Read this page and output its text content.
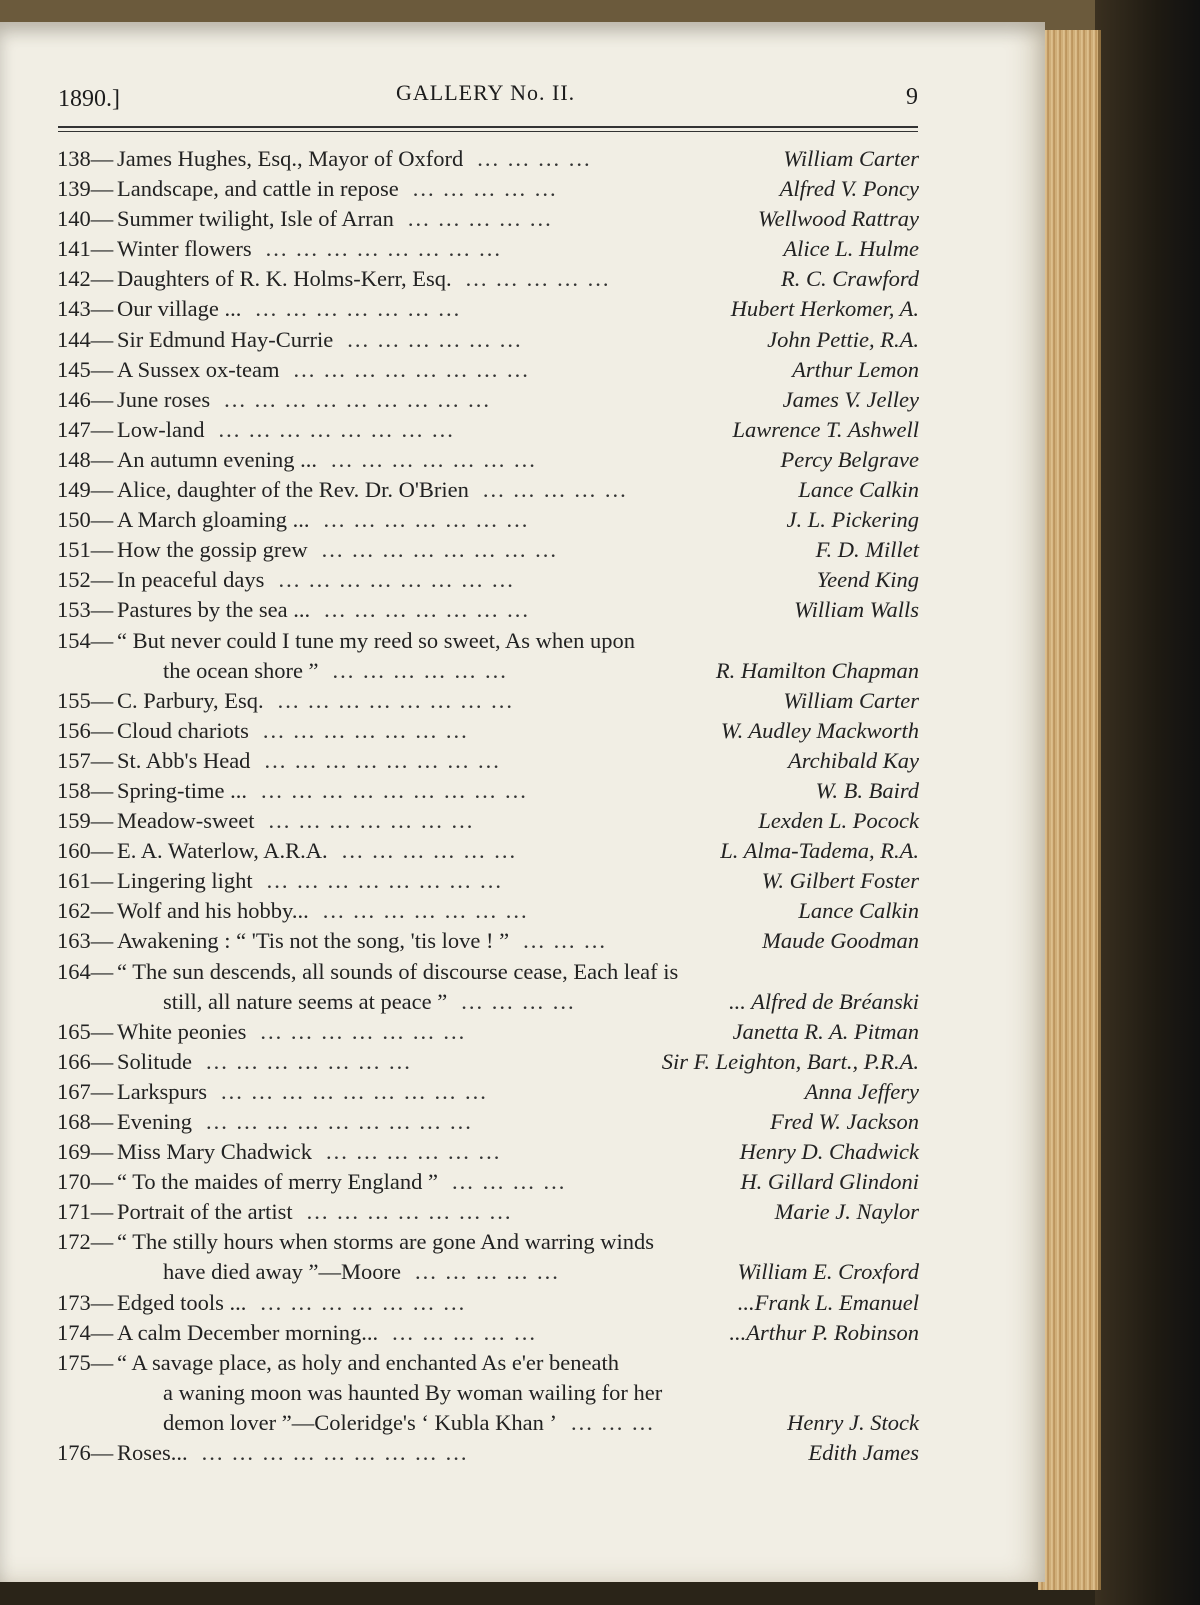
1890.]	GALLERY No. II.	9
138— James Hughes, Esq., Mayor of Oxford	William Carter
... ... ... ...
139— Landscape, and cattle in repose	Alfred V. Poncy
... ... ... ... ...
140— Summer twilight, Isle of Arran	Wellwood Rattray
... ... ... ... ...
141— Winter flowers	Alice L. Hulme
... ... ... ... ... ... ... ...
142— Daughters of R. K. Holms-Kerr, Esq.	R. C. Crawford
... ... ... ... ...
143— Our village ...	Hubert Herkomer, A.
... ... ... ... ... ... ...
144— Sir Edmund Hay-Currie	John Pettie, R.A.
... ... ... ... ... ...
145— A Sussex ox-team	Arthur Lemon
... ... ... ... ... ... ... ...
146— June roses	James V. Jelley
... ... ... ... ... ... ... ... ...
147— Low-land	Lawrence T. Ashwell
... ... ... ... ... ... ... ...
148— An autumn evening ...	Percy Belgrave
... ... ... ... ... ... ...
149— Alice, daughter of the Rev. Dr. O'Brien	Lance Calkin
... ... ... ... ...
150— A March gloaming ...	J. L. Pickering
... ... ... ... ... ... ...
151— How the gossip grew	F. D. Millet
... ... ... ... ... ... ... ...
152— In peaceful days	Yeend King
... ... ... ... ... ... ... ...
153— Pastures by the sea ...	William Walls
... ... ... ... ... ... ...
154— “ But never could I tune my reed so sweet, As when upon
the ocean shore ”	R. Hamilton Chapman
... ... ... ... ... ...
155— C. Parbury, Esq.	William Carter
... ... ... ... ... ... ... ...
156— Cloud chariots	W. Audley Mackworth
... ... ... ... ... ... ...
157— St. Abb's Head	Archibald Kay
... ... ... ... ... ... ... ...
158— Spring-time ...	W. B. Baird
... ... ... ... ... ... ... ... ...
159— Meadow-sweet	Lexden L. Pocock
... ... ... ... ... ... ...
160— E. A. Waterlow, A.R.A.	L. Alma-Tadema, R.A.
... ... ... ... ... ...
161— Lingering light	W. Gilbert Foster
... ... ... ... ... ... ... ...
162— Wolf and his hobby...	Lance Calkin
... ... ... ... ... ... ...
163— Awakening : “ 'Tis not the song, 'tis love ! ”	Maude Goodman
... ... ...
164— “ The sun descends, all sounds of discourse cease, Each leaf is
still, all nature seems at peace ”	... Alfred de Bréanski
... ... ... ...
165— White peonies	Janetta R. A. Pitman
... ... ... ... ... ... ...
166— Solitude	Sir F. Leighton, Bart., P.R.A.
... ... ... ... ... ... ...
167— Larkspurs	Anna Jeffery
... ... ... ... ... ... ... ... ...
168— Evening	Fred W. Jackson
... ... ... ... ... ... ... ... ...
169— Miss Mary Chadwick	Henry D. Chadwick
... ... ... ... ... ...
170— “ To the maides of merry England ”	H. Gillard Glindoni
... ... ... ...
171— Portrait of the artist	Marie J. Naylor
... ... ... ... ... ... ...
172— “ The stilly hours when storms are gone And warring winds
have died away ”—Moore	William E. Croxford
... ... ... ... ...
173— Edged tools ...	...Frank L. Emanuel
... ... ... ... ... ... ...
174— A calm December morning...	...Arthur P. Robinson
... ... ... ... ...
175— “ A savage place, as holy and enchanted As e'er beneath
a waning moon was haunted By woman wailing for her
demon lover ”—Coleridge's ‘ Kubla Khan ’	Henry J. Stock
... ... ...
176— Roses...	Edith James
... ... ... ... ... ... ... ... ...
